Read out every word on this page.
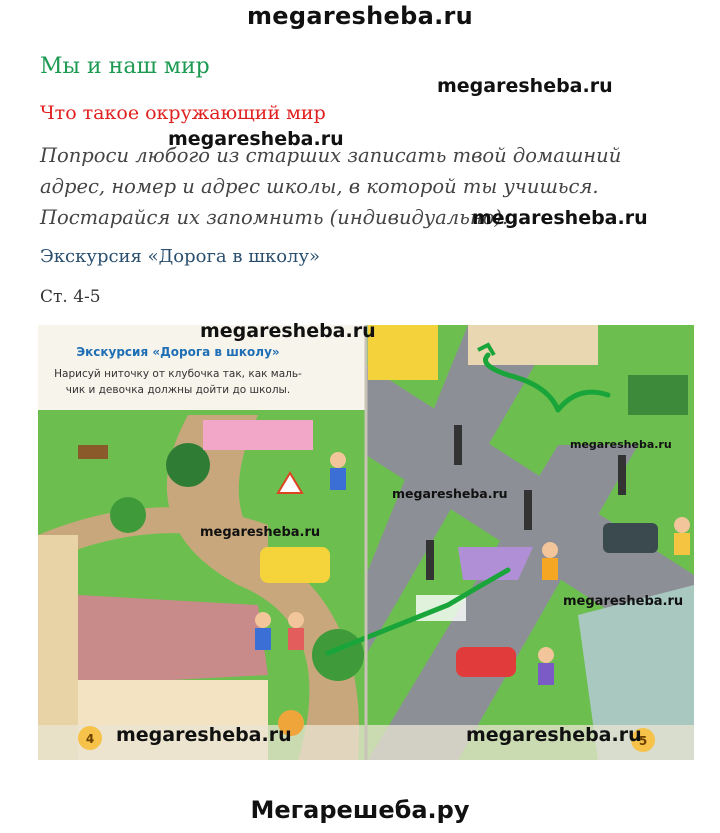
megaresheba.ru
Мы и наш мир
megaresheba.ru
Что такое окружающий мир
megaresheba.ru
Попроси любого из старших записать твой домашний адрес, номер и адрес школы, в которой ты учишься. Постарайся их запомнить (индивидуально).
megaresheba.ru
Экскурсия «Дорога в школу»
Ст. 4-5
Экскурсия «Дорога в школу»
Нарисуй ниточку от клубочка так, как маль-
чик и девочка должны дойти до школы.
4	5
megaresheba.ru
megaresheba.ru
megaresheba.ru
megaresheba.ru
megaresheba.ru
megaresheba.ru	megaresheba.ru
Мегарешеба.ру
